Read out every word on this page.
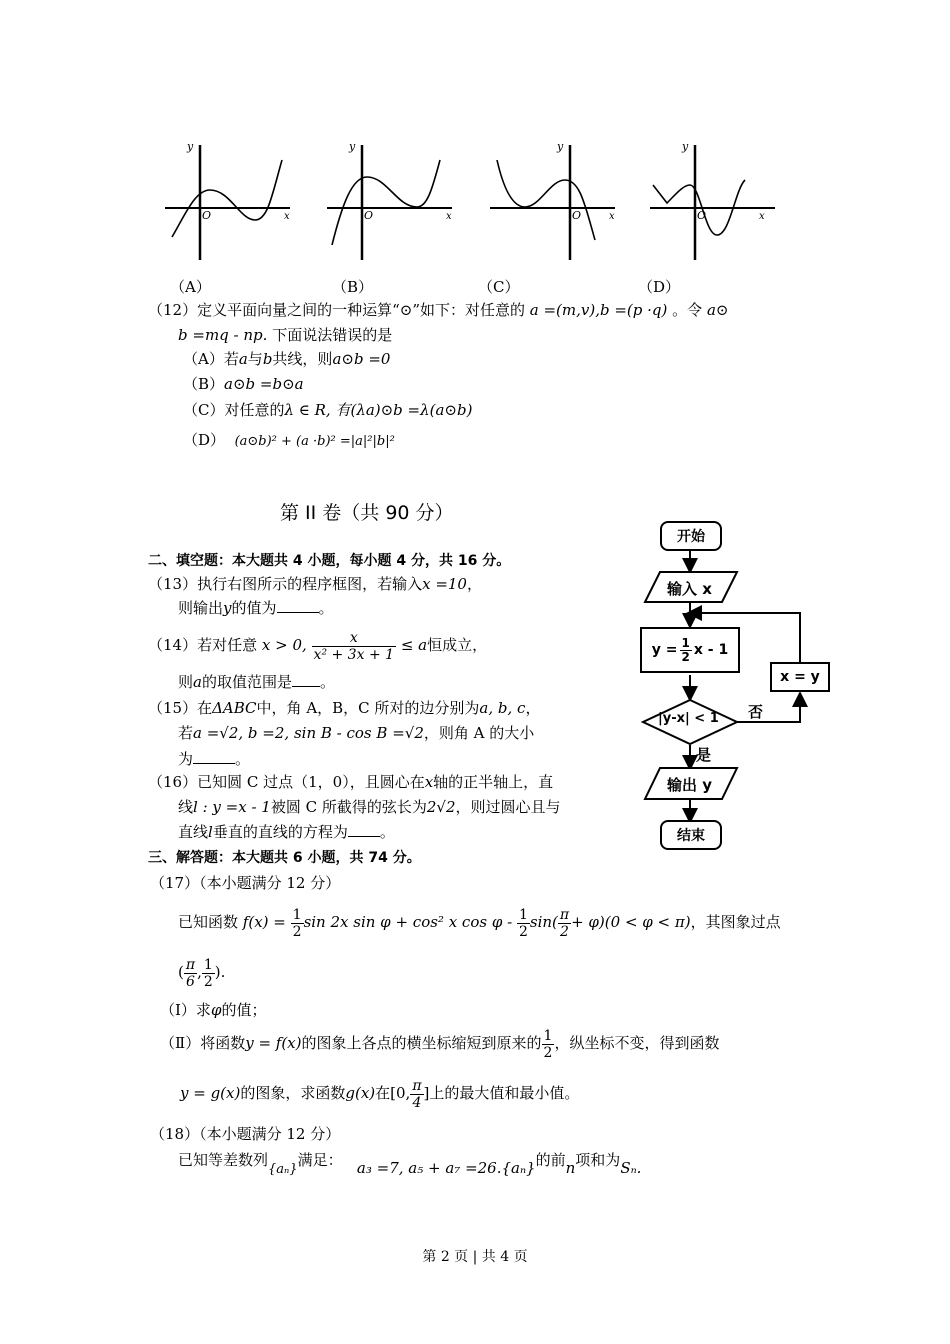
y
O	x
y
O	x
y
O	x
y
O	x
（A）	（B）	（C）	（D）
（12）定义平面向量之间的一种运算“⊙”如下：对任意的 a =(m,v),b =(p ·q) 。令 a⊙
b =mq - np. 下面说法错误的是
（A）若a与b共线，则a⊙b =0
（B）a⊙b =b⊙a
（C）对任意的λ ∈ R, 有(λa)⊙b =λ(a⊙b)
（D） (a⊙b)² + (a ·b)² =|a|²|b|²
第 II 卷（共 90 分）
二、填空题：本大题共 4 小题，每小题 4 分，共 16 分。
（13）执行右图所示的程序框图，若输入x =10，
则输出y的值为	。
（14）若对任意 x > 0, $\frac{x}{\text{x² + 3x + 1}} \le a$恒成立，
则a的取值范围是 。
（15）在ΔABC中，角 A，B，C 所对的边分别为a, b, c，
若a =√2, b =2, sin B - cos B =√2，则角 A 的大小
为	。
（16）已知圆 C 过点（1，0），且圆心在x轴的正半轴上，直
线l : y =x - 1被圆 C 所截得的弦长为2√2，则过圆心且与
直线l垂直的直线的方程为 。
三、解答题：本大题共 6 小题，共 74 分。
（17）（本小题满分 12 分）
已知函数 $f(x) = \frac{1}{2}$ sin 2x sin φ + cos² x $\cos \varphi - \frac{1}{2} \sin( \frac{\pi}{2} + \varphi)(0 < \varphi < \pi)$，其图象过点
( $\frac{\pi}{6}$ , $\frac{1}{2}$ ).
（Ⅰ）求φ的值；
（Ⅱ）将函数y = f(x)的图象上各点的横坐标缩短到原来的 $\frac{1}{2}$ ，纵坐标不变，得到函数
y = g(x)的图象，求函数g(x)在[0, $\frac{\pi}{4}$ ]上的最大值和最小值。
（18）（本小题满分 12 分）
已知等差数列{aₙ}满足： a₃ =7, a₅ + a₇ =26.{aₙ}的前n项和为Sₙ.
开始
输入 x
$y = \frac{1}{2}$ x - 1
|y-x| < 1 否
是
x = y
输出 y
结束
第 2 页 | 共 4 页
